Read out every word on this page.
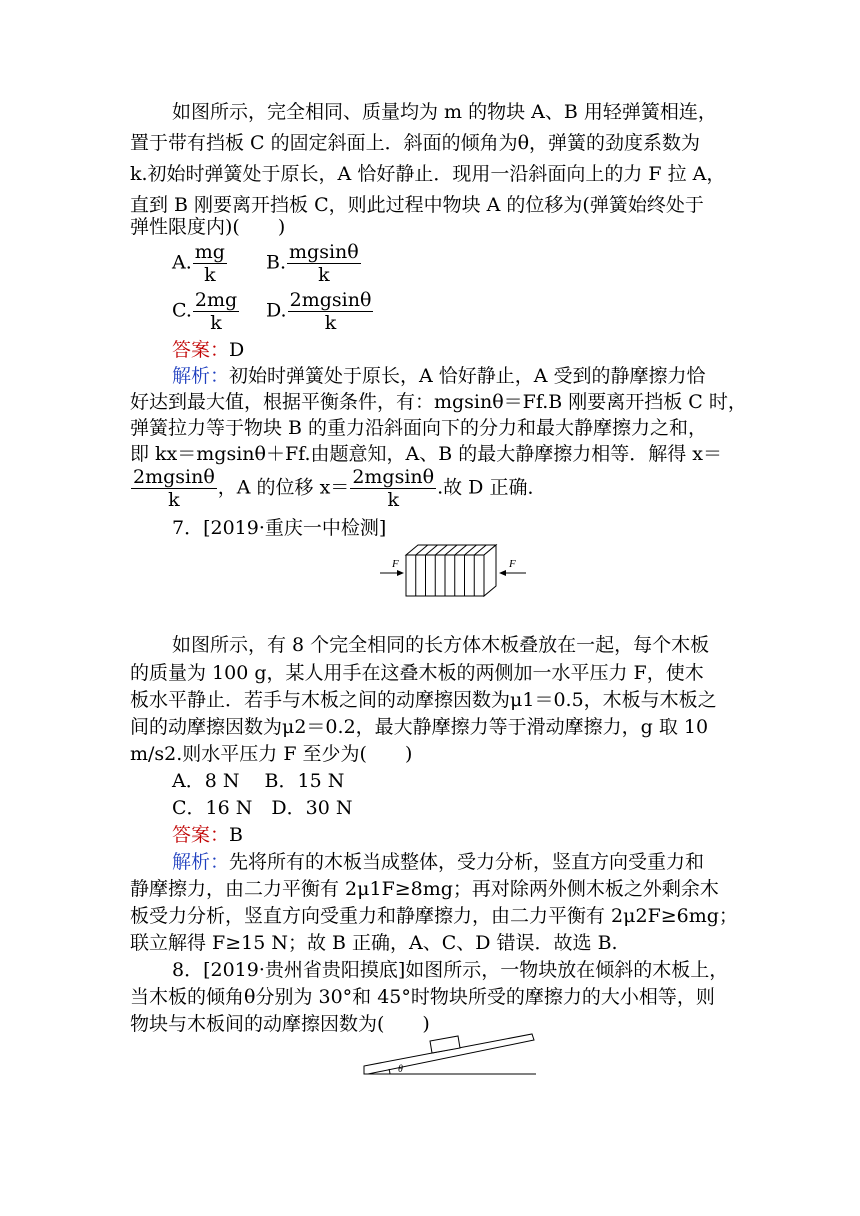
如图所示，完全相同、质量均为 m 的物块 A、B 用轻弹簧相连，
置于带有挡板 C 的固定斜面上．斜面的倾角为θ，弹簧的劲度系数为
k.初始时弹簧处于原长，A 恰好静止．现用一沿斜面向上的力 F 拉 A，
直到 B 刚要离开挡板 C，则此过程中物块 A 的位移为(弹簧始终处于
弹性限度内)(　　)
A. $\frac{mg}{k} B$. $\frac{mgsin\theta}{k}$
C. $\frac{2mg}{k} D$. $\frac{2mgsin\theta}{k}$
答案：D
解析：初始时弹簧处于原长，A 恰好静止，A 受到的静摩擦力恰
好达到最大值，根据平衡条件，有：mgsinθ＝Ff.B 刚要离开挡板 C 时，
弹簧拉力等于物块 B 的重力沿斜面向下的分力和最大静摩擦力之和，
即 kx＝mgsinθ＋Ff.由题意知，A、B 的最大静摩擦力相等．解得 x＝
$\frac{2mgsin\theta}{k}$ ，A 的位移 $x= \frac{2mgsin\theta}{k}$ .故 D 正确．
7．[2019·重庆一中检测]
F	F
如图所示，有 8 个完全相同的长方体木板叠放在一起，每个木板
的质量为 100 g，某人用手在这叠木板的两侧加一水平压力 F，使木
板水平静止．若手与木板之间的动摩擦因数为μ1＝0.5，木板与木板之
间的动摩擦因数为μ2＝0.2，最大静摩擦力等于滑动摩擦力，g 取 10
m/s2.则水平压力 F 至少为(　　)
A．8 N　 B．15 N
C．16 N　D．30 N
答案：B
解析：先将所有的木板当成整体，受力分析，竖直方向受重力和
静摩擦力，由二力平衡有 2μ1F≥8mg；再对除两外侧木板之外剩余木
板受力分析，竖直方向受重力和静摩擦力，由二力平衡有 2μ2F≥6mg；
联立解得 F≥15 N；故 B 正确，A、C、D 错误．故选 B.
8．[2019·贵州省贵阳摸底]如图所示，一物块放在倾斜的木板上，
当木板的倾角θ分别为 30°和 45°时物块所受的摩擦力的大小相等，则
物块与木板间的动摩擦因数为(　　)
θ
